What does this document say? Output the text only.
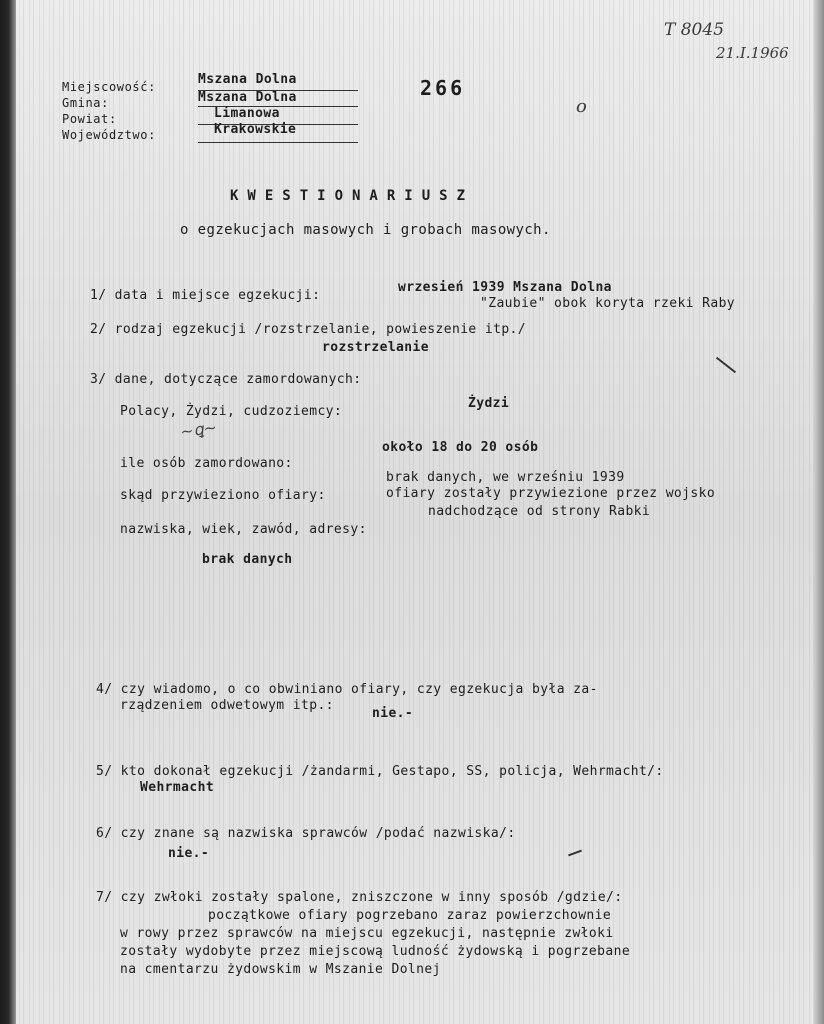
T 8045
21.I.1966
o
Miejscowość:	Mszana Dolna
Gmina:	Mszana Dolna
Powiat:	Limanowa
Województwo:	Krakowskie
266
KWESTIONARIUSZ
o egzekucjach masowych i grobach masowych.
1/ data i miejsce egzekucji:
wrzesień 1939 Mszana Dolna
"Zaubie" obok koryta rzeki Raby
2/ rodzaj egzekucji /rozstrzelanie, powieszenie itp./
rozstrzelanie
3/ dane, dotyczące zamordowanych:
Polacy, Żydzi, cudzoziemcy:
Żydzi
~ꝗ~
ile osób zamordowano:
około 18 do 20 osób
skąd przywieziono ofiary:
brak danych, we wrześniu 1939
ofiary zostały przywiezione przez wojsko
nadchodzące od strony Rabki
nazwiska, wiek, zawód, adresy:
brak danych
4/ czy wiadomo, o co obwiniano ofiary, czy egzekucja była za-
rządzeniem odwetowym itp.:
nie.-
5/ kto dokonał egzekucji /żandarmi, Gestapo, SS, policja, Wehrmacht/:
Wehrmacht
6/ czy znane są nazwiska sprawców /podać nazwiska/:
nie.-
7/ czy zwłoki zostały spalone, zniszczone w inny sposób /gdzie/:
początkowe ofiary pogrzebano zaraz powierzchownie
w rowy przez sprawców na miejscu egzekucji, następnie zwłoki
zostały wydobyte przez miejscową ludność żydowską i pogrzebane
na cmentarzu żydowskim w Mszanie Dolnej
